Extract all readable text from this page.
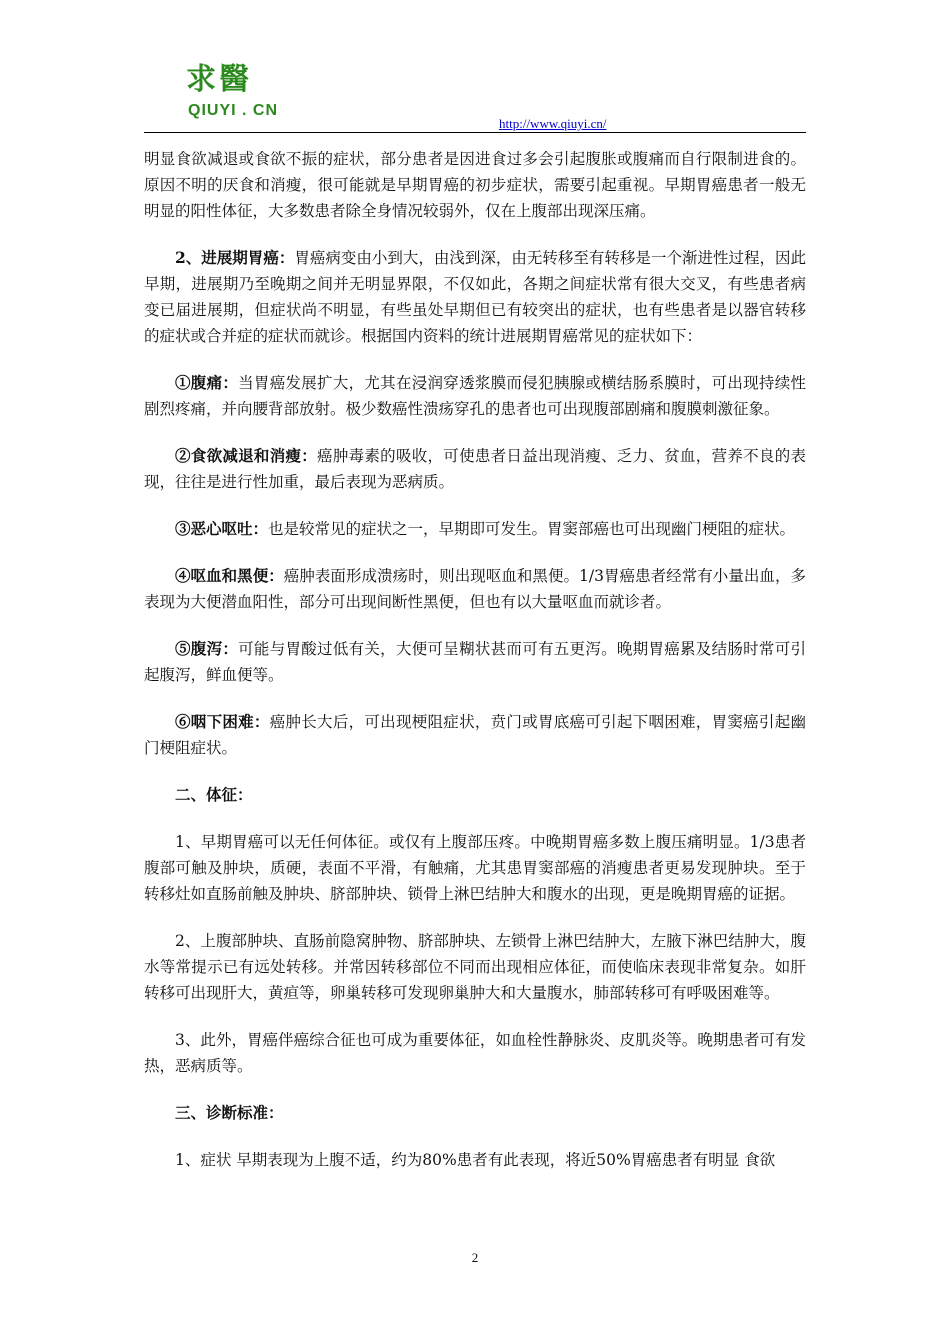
求醫
QIUYI . CN
http://www.qiuyi.cn/

明显食欲减退或食欲不振的症状，部分患者是因进食过多会引起腹胀或腹痛而自行限制进食的。原因不明的厌食和消瘦，很可能就是早期胃癌的初步症状，需要引起重视。早期胃癌患者一般无明显的阳性体征，大多数患者除全身情况较弱外，仅在上腹部出现深压痛。

2、进展期胃癌：胃癌病变由小到大，由浅到深，由无转移至有转移是一个渐进性过程，因此早期，进展期乃至晚期之间并无明显界限，不仅如此，各期之间症状常有很大交叉，有些患者病变已届进展期，但症状尚不明显，有些虽处早期但已有较突出的症状，也有些患者是以器官转移的症状或合并症的症状而就诊。根据国内资料的统计进展期胃癌常见的症状如下：

①腹痛：当胃癌发展扩大，尤其在浸润穿透浆膜而侵犯胰腺或横结肠系膜时，可出现持续性剧烈疼痛，并向腰背部放射。极少数癌性溃疡穿孔的患者也可出现腹部剧痛和腹膜刺激征象。

②食欲减退和消瘦：癌肿毒素的吸收，可使患者日益出现消瘦、乏力、贫血，营养不良的表现，往往是进行性加重，最后表现为恶病质。

③恶心呕吐：也是较常见的症状之一，早期即可发生。胃窦部癌也可出现幽门梗阻的症状。

④呕血和黑便：癌肿表面形成溃疡时，则出现呕血和黑便。1/3胃癌患者经常有小量出血，多表现为大便潜血阳性，部分可出现间断性黑便，但也有以大量呕血而就诊者。

⑤腹泻：可能与胃酸过低有关，大便可呈糊状甚而可有五更泻。晚期胃癌累及结肠时常可引起腹泻，鲜血便等。

⑥咽下困难：癌肿长大后，可出现梗阻症状，贲门或胃底癌可引起下咽困难，胃窦癌引起幽门梗阻症状。

二、体征：

1、早期胃癌可以无任何体征。或仅有上腹部压疼。中晚期胃癌多数上腹压痛明显。1/3患者腹部可触及肿块，质硬，表面不平滑，有触痛，尤其患胃窦部癌的消瘦患者更易发现肿块。至于转移灶如直肠前触及肿块、脐部肿块、锁骨上淋巴结肿大和腹水的出现，更是晚期胃癌的证据。

2、上腹部肿块、直肠前隐窝肿物、脐部肿块、左锁骨上淋巴结肿大，左腋下淋巴结肿大，腹水等常提示已有远处转移。并常因转移部位不同而出现相应体征，而使临床表现非常复杂。如肝转移可出现肝大，黄疸等，卵巢转移可发现卵巢肿大和大量腹水，肺部转移可有呼吸困难等。

3、此外，胃癌伴癌综合征也可成为重要体征，如血栓性静脉炎、皮肌炎等。晚期患者可有发热，恶病质等。

三、诊断标准：

1、症状 早期表现为上腹不适，约为80%患者有此表现，将近50%胃癌患者有明显 食欲

2
